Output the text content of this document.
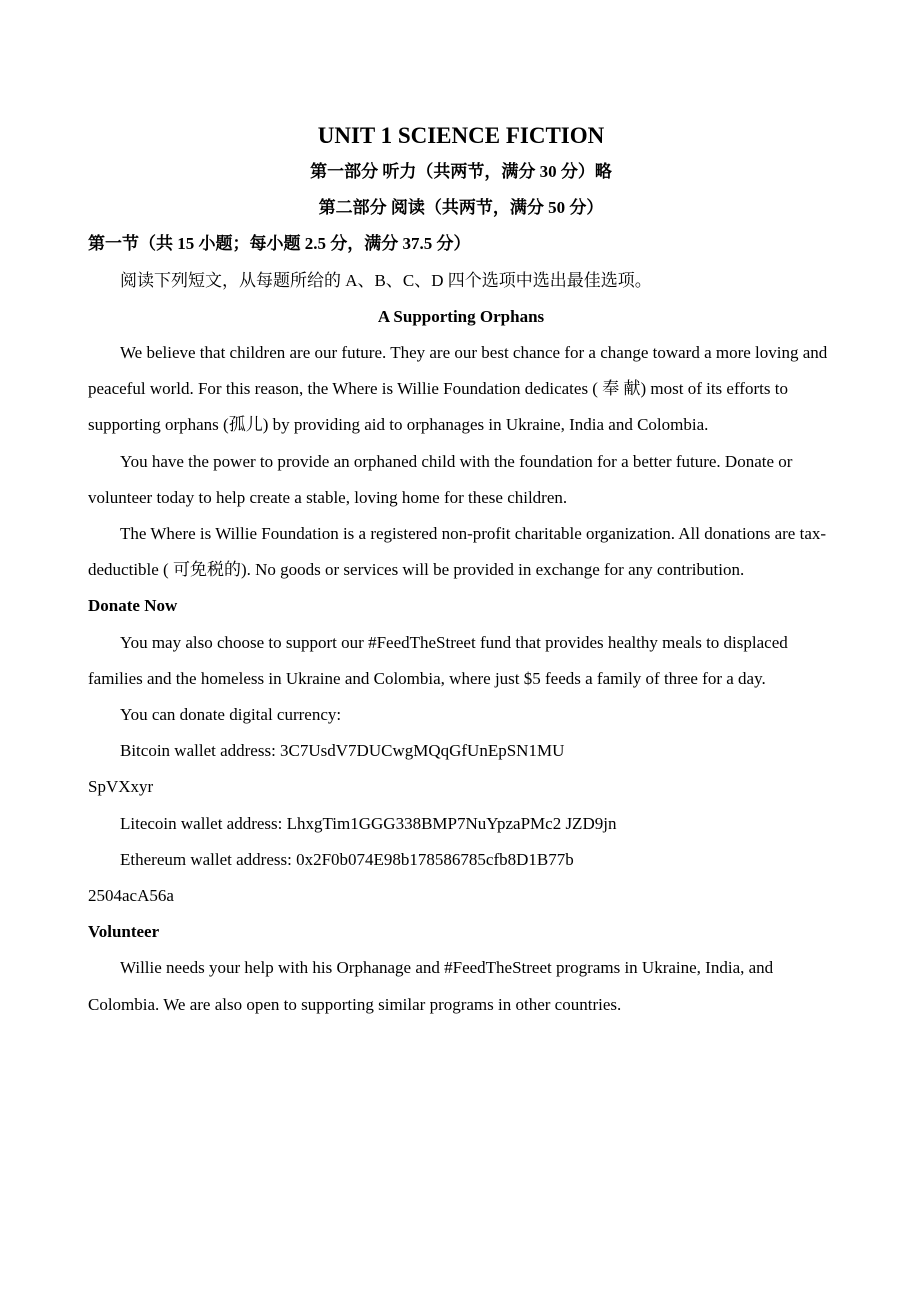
UNIT 1 SCIENCE FICTION

第一部分 听力（共两节，满分 30 分）略

第二部分 阅读（共两节，满分 50 分）

第一节（共 15 小题；每小题 2.5 分，满分 37.5 分）

阅读下列短文，从每题所给的 A、B、C、D 四个选项中选出最佳选项。

A Supporting Orphans

We believe that children are our future. They are our best chance for a change toward a more loving and peaceful world. For this reason, the Where is Willie Foundation dedicates ( 奉 献) most of its efforts to supporting orphans (孤儿) by providing aid to orphanages in Ukraine, India and Colombia.

You have the power to provide an orphaned child with the foundation for a better future. Donate or volunteer today to help create a stable, loving home for these children.

The Where is Willie Foundation is a registered non-profit charitable organization. All donations are tax-deductible ( 可免税的). No goods or services will be provided in exchange for any contribution.

Donate Now

You may also choose to support our #FeedTheStreet fund that provides healthy meals to displaced families and the homeless in Ukraine and Colombia, where just $5 feeds a family of three for a day.

You can donate digital currency:

Bitcoin wallet address: 3C7UsdV7DUCwgMQqGfUnEpSN1MU

SpVXxyr

Litecoin wallet address: LhxgTim1GGG338BMP7NuYpzaPMc2 JZD9jn

Ethereum wallet address: 0x2F0b074E98b178586785cfb8D1B77b

2504acA56a

Volunteer

Willie needs your help with his Orphanage and #FeedTheStreet programs in Ukraine, India, and Colombia. We are also open to supporting similar programs in other countries.
